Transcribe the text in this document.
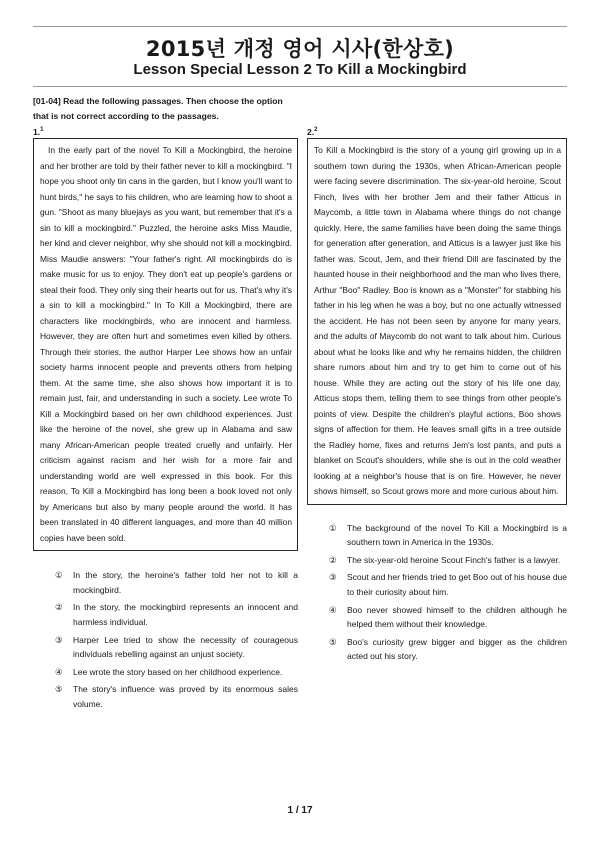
2015년 개정 영어 시사(한상호)
Lesson Special Lesson 2 To Kill a Mockingbird
[01-04] Read the following passages. Then choose the option that is not correct according to the passages.
1.$^1$
In the early part of the novel To Kill a Mockingbird, the heroine and her brother are told by their father never to kill a mockingbird. "I hope you shoot only tin cans in the garden, but I know you'll want to hunt birds," he says to his children, who are learning how to shoot a gun. "Shoot as many bluejays as you want, but remember that it's a sin to kill a mockingbird." Puzzled, the heroine asks Miss Maudie, her kind and clever neighbor, why she should not kill a mockingbird. Miss Maudie answers: "Your father's right. All mockingbirds do is make music for us to enjoy. They don't eat up people's gardens or steal their food. They only sing their hearts out for us. That's why it's a sin to kill a mockingbird." In To Kill a Mockingbird, there are characters like mockingbirds, who are innocent and harmless. However, they are often hurt and sometimes even killed by others. Through their stories, the author Harper Lee shows how an unfair society harms innocent people and prevents others from helping them. At the same time, she also shows how important it is to remain just, fair, and understanding in such a society. Lee wrote To Kill a Mockingbird based on her own childhood experiences. Just like the heroine of the novel, she grew up in Alabama and saw many African-American people treated cruelly and unfairly. Her criticism against racism and her wish for a more fair and understanding world are well expressed in this book. For this reason, To Kill a Mockingbird has long been a book loved not only by Americans but also by many people around the world. It has been translated in 40 different languages, and more than 40 million copies have been sold.
①	In the story, the heroine's father told her not to kill a mockingbird.
②	In the story, the mockingbird represents an innocent and harmless individual.
③	Harper Lee tried to show the necessity of courageous individuals rebelling against an unjust society.
④	Lee wrote the story based on her childhood experience.
⑤	The story's influence was proved by its enormous sales volume.
2.$^2$
To Kill a Mockingbird is the story of a young girl growing up in a southern town during the 1930s, when African-American people were facing severe discrimination. The six-year-old heroine, Scout Finch, lives with her brother Jem and their father Atticus in Maycomb, a little town in Alabama where things do not change quickly. Here, the same families have been doing the same things for generation after generation, and Atticus is a lawyer just like his father was. Scout, Jem, and their friend Dill are fascinated by the haunted house in their neighborhood and the man who lives there, Arthur "Boo" Radley. Boo is known as a "Monster" for stabbing his father in his leg when he was a boy, but no one actually witnessed the accident. He has not been seen by anyone for many years, and the adults of Maycomb do not want to talk about him. Curious about what he looks like and why he remains hidden, the children share rumors about him and try to get him to come out of his house. While they are acting out the story of his life one day, Atticus stops them, telling them to see things from other people's points of view. Despite the children's playful actions, Boo shows signs of affection for them. He leaves small gifts in a tree outside the Radley home, fixes and returns Jem's lost pants, and puts a blanket on Scout's shoulders, while she is out in the cold weather looking at a neighbor's house that is on fire. However, he never shows himself, so Scout grows more and more curious about him.
①	The background of the novel To Kill a Mockingbird is a southern town in America in the 1930s.
②	The six-year-old heroine Scout Finch's father is a lawyer.
③	Scout and her friends tried to get Boo out of his house due to their curiosity about him.
④	Boo never showed himself to the children although he helped them without their knowledge.
⑤	Boo's curiosity grew bigger and bigger as the children acted out his story.
1 / 17
